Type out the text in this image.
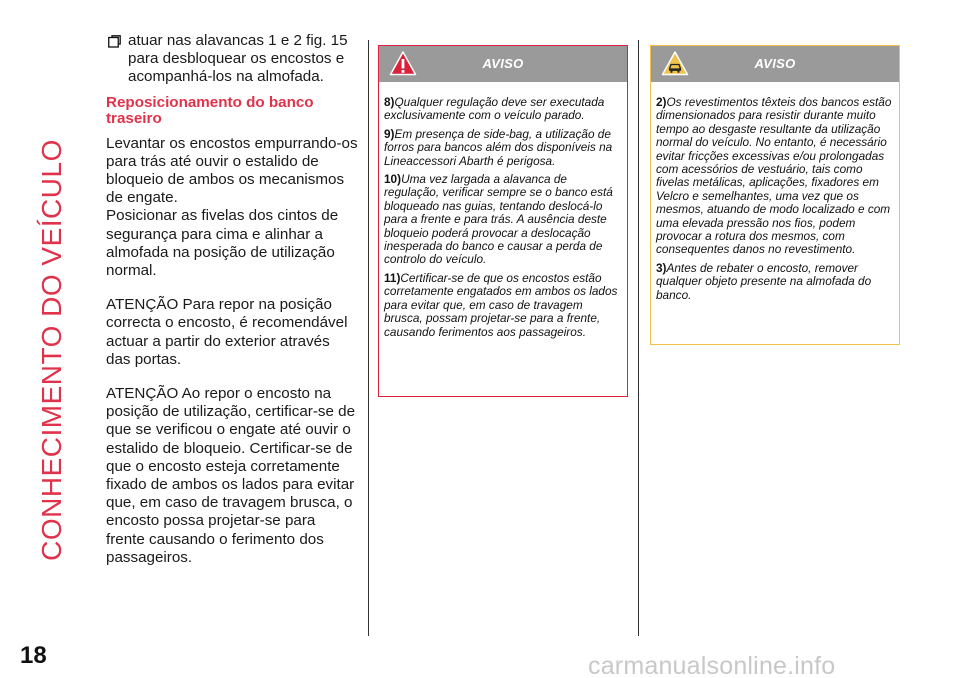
CONHECIMENTO DO VEÍCULO
18

atuar nas alavancas 1 e 2 fig. 15 para desbloquear os encostos e acompanhá-los na almofada.

Reposicionamento do banco traseiro

Levantar os encostos empurrando-os para trás até ouvir o estalido de bloqueio de ambos os mecanismos de engate.

Posicionar as fivelas dos cintos de segurança para cima e alinhar a almofada na posição de utilização normal.

ATENÇÃO Para repor na posição correcta o encosto, é recomendável actuar a partir do exterior através das portas.

ATENÇÃO Ao repor o encosto na posição de utilização, certificar-se de que se verificou o engate até ouvir o estalido de bloqueio. Certificar-se de que o encosto esteja corretamente fixado de ambos os lados para evitar que, em caso de travagem brusca, o encosto possa projetar-se para frente causando o ferimento dos passageiros.

AVISO

8)Qualquer regulação deve ser executada exclusivamente com o veículo parado.

9)Em presença de side-bag, a utilização de forros para bancos além dos disponíveis na Lineaccessori Abarth é perigosa.

10)Uma vez largada a alavanca de regulação, verificar sempre se o banco está bloqueado nas guias, tentando deslocá-lo para a frente e para trás. A ausência deste bloqueio poderá provocar a deslocação inesperada do banco e causar a perda de controlo do veículo.

11)Certificar-se de que os encostos estão corretamente engatados em ambos os lados para evitar que, em caso de travagem brusca, possam projetar-se para a frente, causando ferimentos aos passageiros.

AVISO

2)Os revestimentos têxteis dos bancos estão dimensionados para resistir durante muito tempo ao desgaste resultante da utilização normal do veículo. No entanto, é necessário evitar fricções excessivas e/ou prolongadas com acessórios de vestuário, tais como fivelas metálicas, aplicações, fixadores em Velcro e semelhantes, uma vez que os mesmos, atuando de modo localizado e com uma elevada pressão nos fios, podem provocar a rotura dos mesmos, com consequentes danos no revestimento.

3)Antes de rebater o encosto, remover qualquer objeto presente na almofada do banco.

carmanualsonline.info
